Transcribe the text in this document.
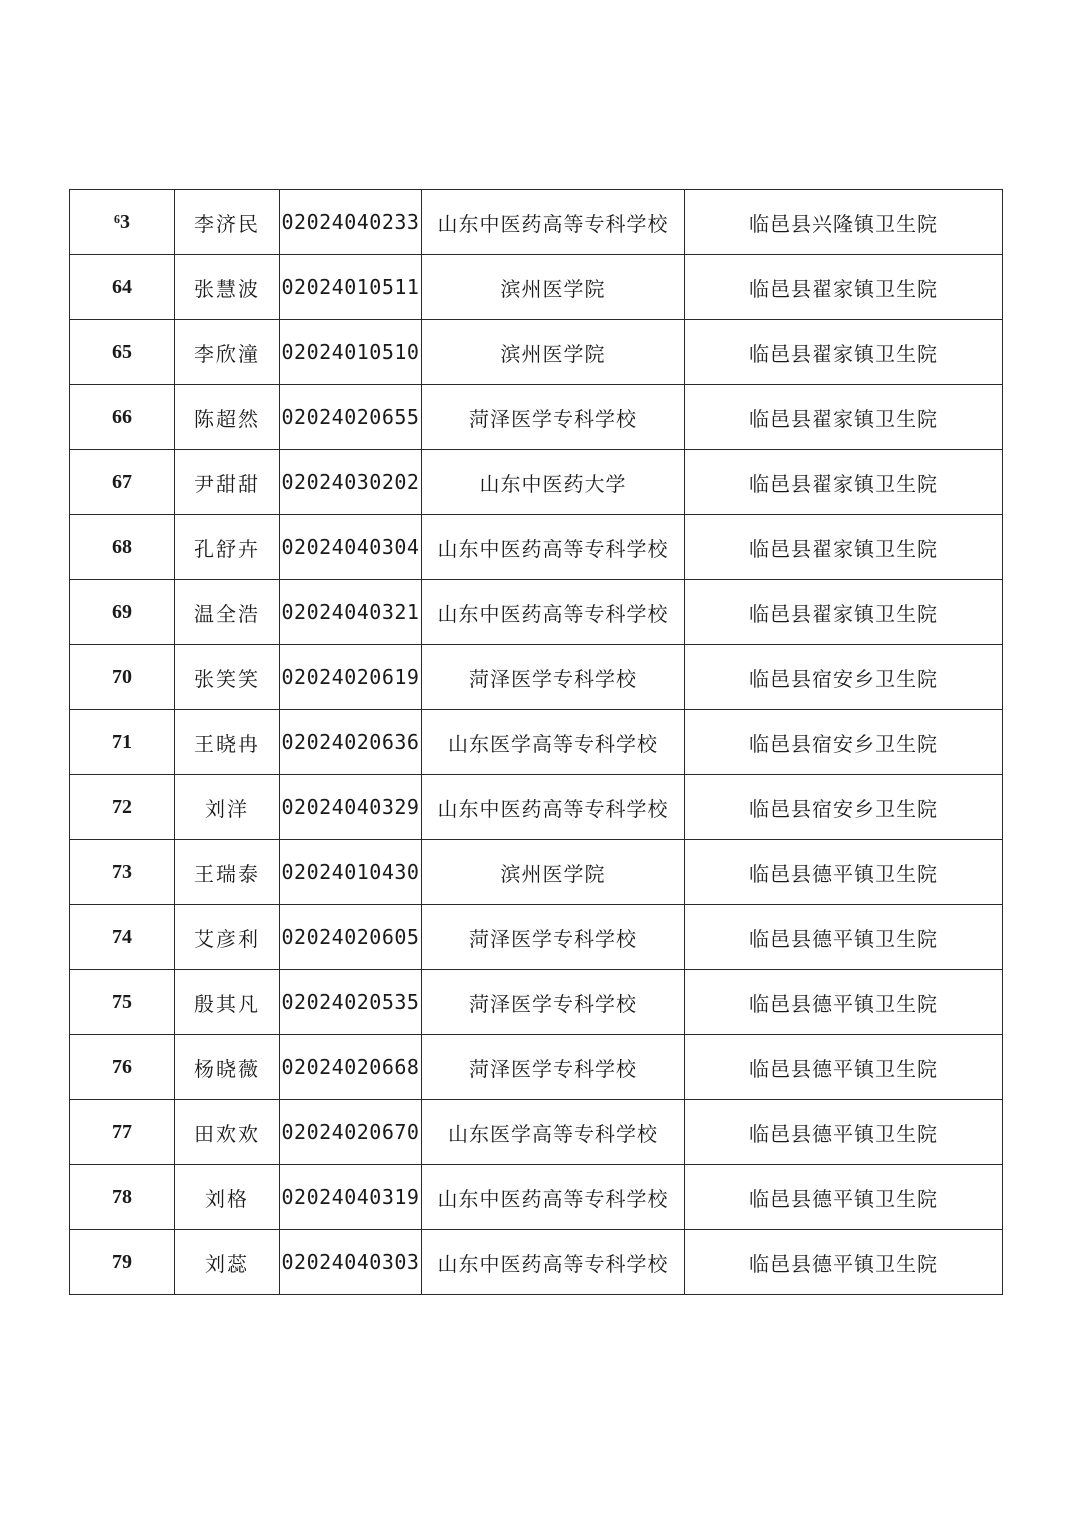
⁶3	李济民	02024040233	山东中医药高等专科学校	临邑县兴隆镇卫生院
64	张慧波	02024010511	滨州医学院	临邑县翟家镇卫生院
65	李欣潼	02024010510	滨州医学院	临邑县翟家镇卫生院
66	陈超然	02024020655	菏泽医学专科学校	临邑县翟家镇卫生院
67	尹甜甜	02024030202	山东中医药大学	临邑县翟家镇卫生院
68	孔舒卉	02024040304	山东中医药高等专科学校	临邑县翟家镇卫生院
69	温全浩	02024040321	山东中医药高等专科学校	临邑县翟家镇卫生院
70	张笑笑	02024020619	菏泽医学专科学校	临邑县宿安乡卫生院
71	王晓冉	02024020636	山东医学高等专科学校	临邑县宿安乡卫生院
72	刘洋	02024040329	山东中医药高等专科学校	临邑县宿安乡卫生院
73	王瑞泰	02024010430	滨州医学院	临邑县德平镇卫生院
74	艾彦利	02024020605	菏泽医学专科学校	临邑县德平镇卫生院
75	殷其凡	02024020535	菏泽医学专科学校	临邑县德平镇卫生院
76	杨晓薇	02024020668	菏泽医学专科学校	临邑县德平镇卫生院
77	田欢欢	02024020670	山东医学高等专科学校	临邑县德平镇卫生院
78	刘格	02024040319	山东中医药高等专科学校	临邑县德平镇卫生院
79	刘蕊	02024040303	山东中医药高等专科学校	临邑县德平镇卫生院
